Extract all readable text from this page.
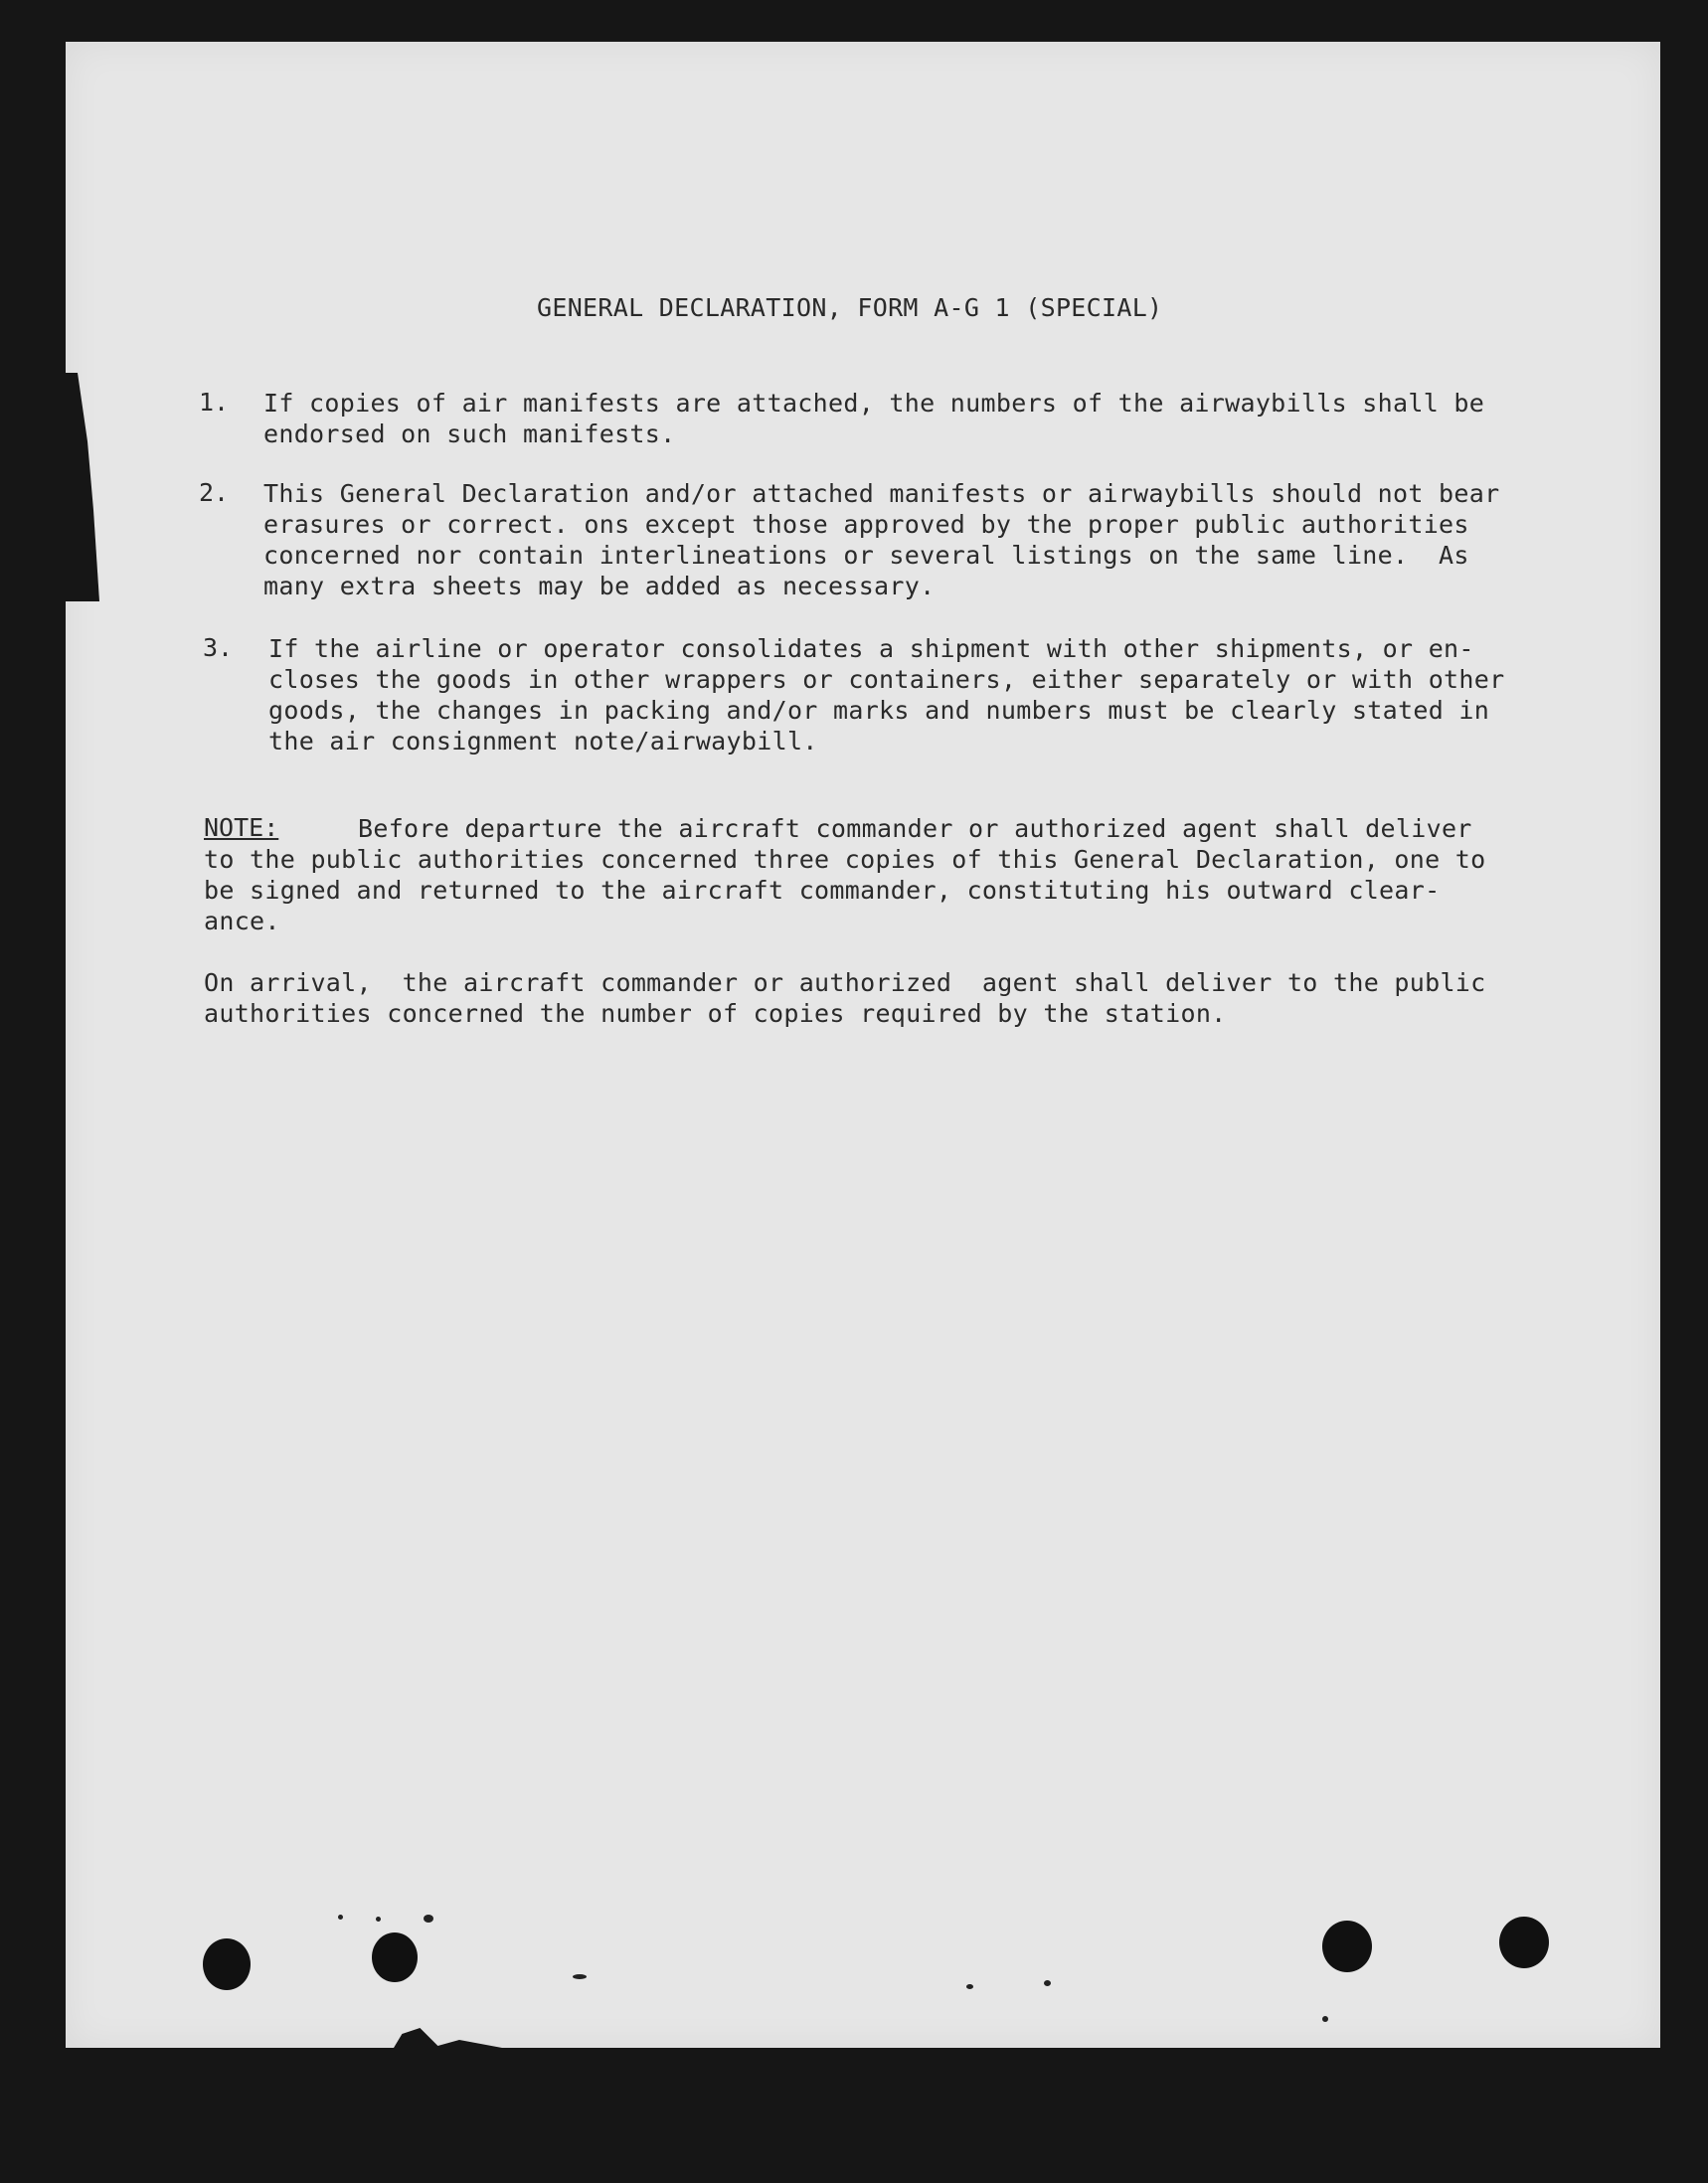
GENERAL DECLARATION, FORM A-G 1 (SPECIAL)
1. If copies of air manifests are attached, the numbers of the airwaybills shall be
endorsed on such manifests.
2. This General Declaration and/or attached manifests or airwaybills should not bear
erasures or correct. ons except those approved by the proper public authorities
concerned nor contain interlineations or several listings on the same line.  As
many extra sheets may be added as necessary.
3. If the airline or operator consolidates a shipment with other shipments, or en-
closes the goods in other wrappers or containers, either separately or with other
goods, the changes in packing and/or marks and numbers must be clearly stated in
the air consignment note/airwaybill.
NOTE:	Before departure the aircraft commander or authorized agent shall deliver
to the public authorities concerned three copies of this General Declaration, one to
be signed and returned to the aircraft commander, constituting his outward clear-
ance.
On arrival,  the aircraft commander or authorized  agent shall deliver to the public
authorities concerned the number of copies required by the station.
